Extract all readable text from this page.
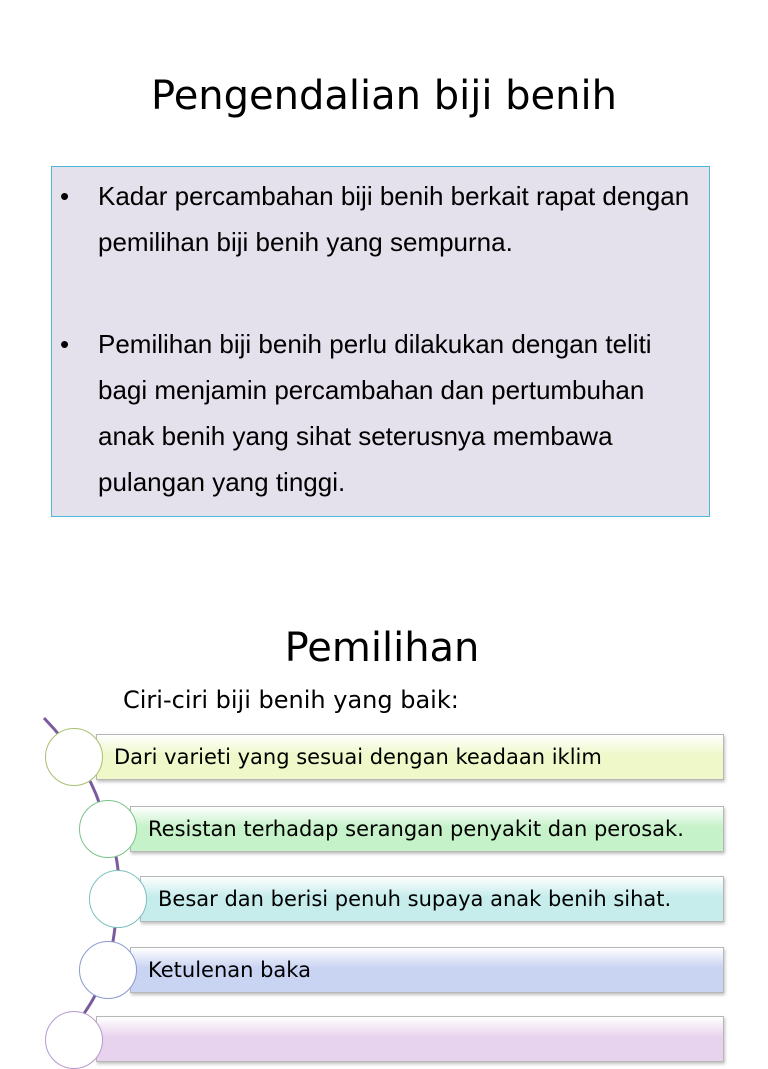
Pengendalian biji benih
• Kadar percambahan biji benih berkait rapat dengan pemilihan biji benih yang sempurna.
• Pemilihan biji benih perlu dilakukan dengan teliti bagi menjamin percambahan dan pertumbuhan anak benih yang sihat seterusnya membawa pulangan yang tinggi.
Pemilihan
Ciri-ciri biji benih yang baik:
Dari varieti yang sesuai dengan keadaan iklim
Resistan terhadap serangan penyakit dan perosak.
Besar dan berisi penuh supaya anak benih sihat.
Ketulenan baka
